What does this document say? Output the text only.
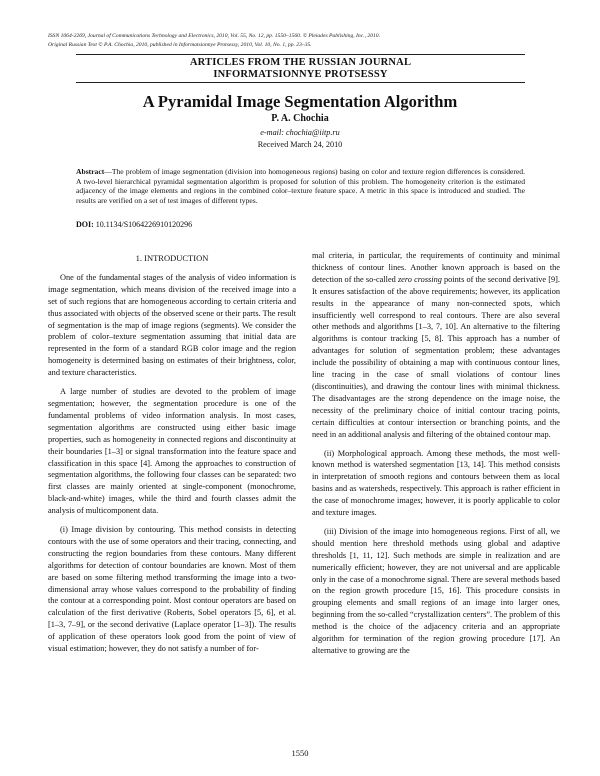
ISSN 1064-2269, Journal of Communications Technology and Electronics, 2010, Vol. 55, No. 12, pp. 1550–1560. © Pleiades Publishing, Inc., 2010.
Original Russian Text © P.A. Chochia, 2010, published in Informatsionnye Protsessy, 2010, Vol. 10, No. 1, pp. 23–35.
ARTICLES FROM THE RUSSIAN JOURNAL
INFORMATSIONNYE PROTSESSY
A Pyramidal Image Segmentation Algorithm
P. A. Chochia
e-mail: chochia@iitp.ru
Received March 24, 2010
Abstract—The problem of image segmentation (division into homogeneous regions) basing on color and texture region differences is considered. A two-level hierarchical pyramidal segmentation algorithm is proposed for solution of this problem. The homogeneity criterion is the estimated adjacency of the image elements and regions in the combined color–texture feature space. A metric in this space is introduced and studied. The results are verified on a set of test images of different types.
DOI: 10.1134/S1064226910120296
1. INTRODUCTION

One of the fundamental stages of the analysis of video information is image segmentation, which means division of the received image into a set of such regions that are homogeneous according to certain criteria and thus associated with objects of the observed scene or their parts. The result of segmentation is the map of image regions (segments). We consider the problem of color–texture segmentation assuming that initial data are represented in the form of a standard RGB color image and the region homogeneity is determined basing on estimates of their brightness, color, and texture characteristics.

A large number of studies are devoted to the problem of image segmentation; however, the segmentation procedure is one of the fundamental problems of video information analysis. In most cases, segmentation algorithms are constructed using either basic image properties, such as homogeneity in connected regions and discontinuity at their boundaries [1–3] or signal transformation into the feature space and classification in this space [4]. Among the approaches to construction of segmentation algorithms, the following four classes can be separated: two first classes are mainly oriented at single-component (monochrome, black-and-white) images, while the third and fourth classes admit the analysis of multicomponent data.

(i) Image division by contouring. This method consists in detecting contours with the use of some operators and their tracing, connecting, and constructing the region boundaries from these contours. Many different algorithms for detection of contour boundaries are known. Most of them are based on some filtering method transforming the image into a two-dimensional array whose values correspond to the probability of finding the contour at a corresponding point. Most contour operators are based on calculation of the first derivative (Roberts, Sobel operators [5, 6], et al. [1–3, 7–9], or the second derivative (Laplace operator [1–3]). The results of application of these operators look good from the point of view of visual estimation; however, they do not satisfy a number of for-

mal criteria, in particular, the requirements of continuity and minimal thickness of contour lines. Another known approach is based on the detection of the so-called zero crossing points of the second derivative [9]. It ensures satisfaction of the above requirements; however, its application results in the appearance of many non-connected spots, which insufficiently well correspond to real contours. There are also several other methods and algorithms [1–3, 7, 10]. An alternative to the filtering algorithms is contour tracking [5, 8]. This approach has a number of advantages for solution of segmentation problem; these advantages include the possibility of obtaining a map with continuous contour lines, line tracing in the case of small violations of contour lines (discontinuities), and drawing the contour lines with minimal thickness. The disadvantages are the strong dependence on the image noise, the necessity of the preliminary choice of initial contour tracing points, certain difficulties at contour intersection or branching points, and the need in an additional analysis and filtering of the obtained contour map.

(ii) Morphological approach. Among these methods, the most well-known method is watershed segmentation [13, 14]. This method consists in interpretation of smooth regions and contours between them as local basins and as watersheds, respectively. This approach is rather efficient in the case of monochrome images; however, it is poorly applicable to color and texture images.

(iii) Division of the image into homogeneous regions. First of all, we should mention here threshold methods using global and adaptive thresholds [1, 11, 12]. Such methods are simple in realization and are numerically efficient; however, they are not universal and are applicable only in the case of a monochrome signal. There are several methods based on the region growth procedure [15, 16]. This procedure consists in grouping elements and small regions of an image into larger ones, beginning from the so-called “crystallization centers”. The problem of this method is the choice of the adjacency criteria and an appropriate algorithm for termination of the region growing procedure [17]. An alternative to growing are the

1550
